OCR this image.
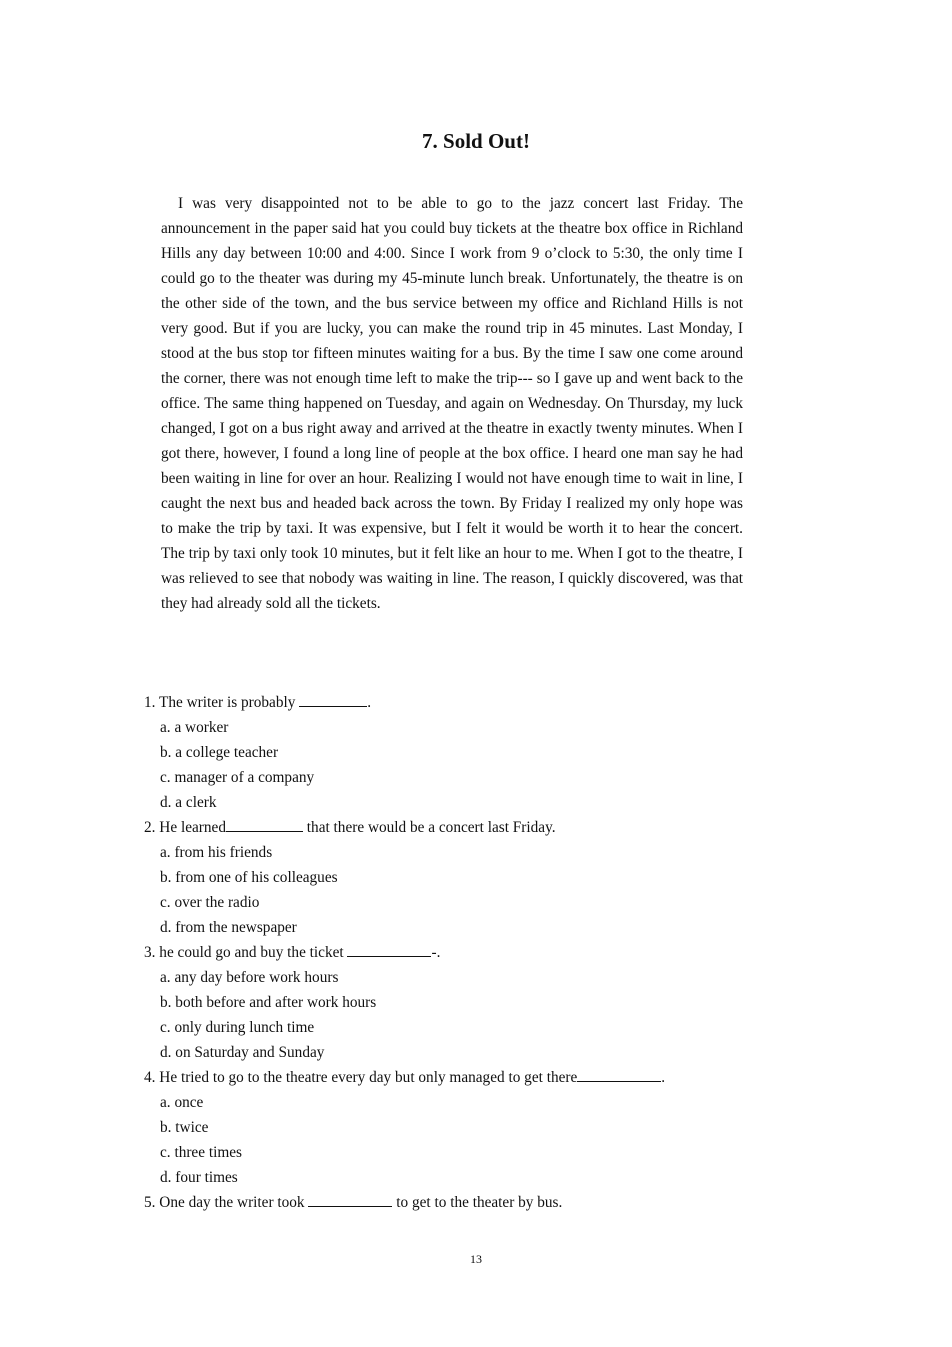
7. Sold Out!

I was very disappointed not to be able to go to the jazz concert last Friday. The announcement in the paper said hat you could buy tickets at the theatre box office in Richland Hills any day between 10:00 and 4:00. Since I work from 9 o’clock to 5:30, the only time I could go to the theater was during my 45-minute lunch break. Unfortunately, the theatre is on the other side of the town, and the bus service between my office and Richland Hills is not very good. But if you are lucky, you can make the round trip in 45 minutes. Last Monday, I stood at the bus stop tor fifteen minutes waiting for a bus. By the time I saw one come around the corner, there was not enough time left to make the trip--- so I gave up and went back to the office. The same thing happened on Tuesday, and again on Wednesday. On Thursday, my luck changed, I got on a bus right away and arrived at the theatre in exactly twenty minutes. When I got there, however, I found a long line of people at the box office. I heard one man say he had been waiting in line for over an hour. Realizing I would not have enough time to wait in line, I caught the next bus and headed back across the town. By Friday I realized my only hope was to make the trip by taxi. It was expensive, but I felt it would be worth it to hear the concert. The trip by taxi only took 10 minutes, but it felt like an hour to me. When I got to the theatre, I was relieved to see that nobody was waiting in line. The reason, I quickly discovered, was that they had already sold all the tickets.

1. The writer is probably	.

a. a worker
b. a college teacher
c. manager of a company
d. a clerk

2. He learned	that there would be a concert last Friday.

a. from his friends
b. from one of his colleagues
c. over the radio
d. from the newspaper

3. he could go and buy the ticket	-.

a. any day before work hours
b. both before and after work hours
c. only during lunch time
d. on Saturday and Sunday

4. He tried to go to the theatre every day but only managed to get there	.

a. once
b. twice
c. three times
d. four times

5. One day the writer took	to get to the theater by bus.

13
